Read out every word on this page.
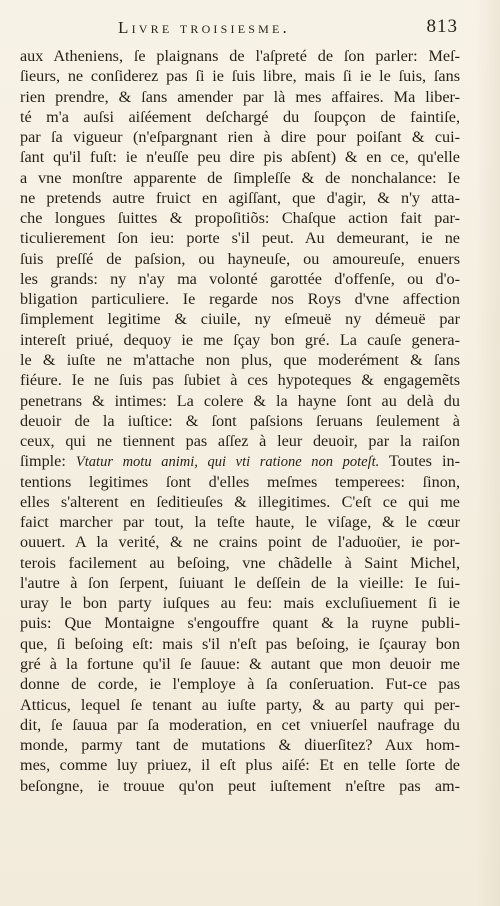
Livre troisiesme.	813
aux Atheniens, ſe plaignans de l'aſpreté de ſon parler: Meſ-
ſieurs, ne conſiderez pas ſi ie ſuis libre, mais ſi ie le ſuis, ſans
rien prendre, & ſans amender par là mes affaires. Ma liber-
té m'a auſsi aiſéement deſchargé du ſoupçon de faintiſe,
par ſa vigueur (n'eſpargnant rien à dire pour poiſant & cui-
ſant qu'il fuſt: ie n'euſſe peu dire pis abſent) & en ce, qu'elle
a vne monſtre apparente de ſimpleſſe & de nonchalance: Ie
ne pretends autre fruict en agiſſant, que d'agir, & n'y atta-
che longues ſuittes & propoſitiõs: Chaſque action fait par-
ticulierement ſon ieu: porte s'il peut. Au demeurant, ie ne
ſuis preſſé de paſsion, ou hayneuſe, ou amoureuſe, enuers
les grands: ny n'ay ma volonté garottée d'offenſe, ou d'o-
bligation particuliere. Ie regarde nos Roys d'vne affection
ſimplement legitime & ciuile, ny eſmeuë ny démeuë par
intereſt priué, dequoy ie me ſçay bon gré. La cauſe genera-
le & iuſte ne m'attache non plus, que moderément & ſans
fiéure. Ie ne ſuis pas ſubiet à ces hypoteques & engagemẽts
penetrans & intimes: La colere & la hayne ſont au delà du
deuoir de la iuſtice: & ſont paſsions ſeruans ſeulement à
ceux, qui ne tiennent pas aſſez à leur deuoir, par la raiſon
ſimple: Vtatur motu animi, qui vti ratione non poteſt. Toutes in-
tentions legitimes ſont d'elles meſmes temperees: ſinon,
elles s'alterent en ſeditieuſes & illegitimes. C'eſt ce qui me
faict marcher par tout, la teſte haute, le viſage, & le cœur
ouuert. A la verité, & ne crains point de l'aduoüer, ie por-
terois facilement au beſoing, vne chãdelle à Saint Michel,
l'autre à ſon ſerpent, ſuiuant le deſſein de la vieille: Ie ſui-
uray le bon party iuſques au feu: mais excluſiuement ſi ie
puis: Que Montaigne s'engouffre quant & la ruyne publi-
que, ſi beſoing eſt: mais s'il n'eſt pas beſoing, ie ſçauray bon
gré à la fortune qu'il ſe ſauue: & autant que mon deuoir me
donne de corde, ie l'employe à ſa conſeruation. Fut-ce pas
Atticus, lequel ſe tenant au iuſte party, & au party qui per-
dit, ſe ſauua par ſa moderation, en cet vniuerſel naufrage du
monde, parmy tant de mutations & diuerſitez? Aux hom-
mes, comme luy priuez, il eſt plus aiſé: Et en telle ſorte de
beſongne, ie trouue qu'on peut iuſtement n'eſtre pas am-
